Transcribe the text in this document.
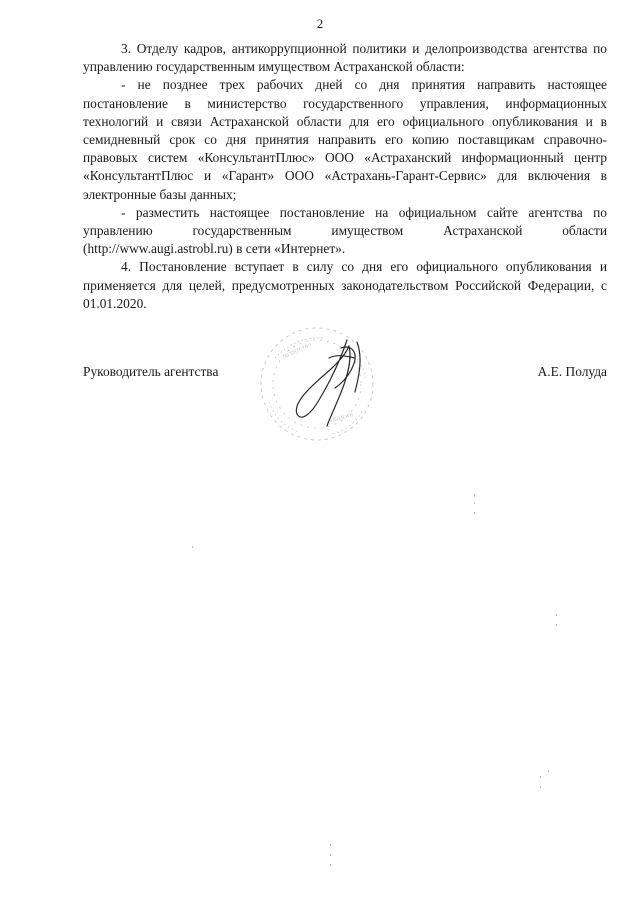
2

3. Отделу кадров, антикоррупционной политики и делопроизводства агентства по управлению государственным имуществом Астраханской области:

- не позднее трех рабочих дней со дня принятия направить настоящее постановление в министерство государственного управления, информационных технологий и связи Астраханской области для его официального опубликования и в семидневный срок со дня принятия направить его копию поставщикам справочно-правовых систем «КонсультантПлюс» ООО «Астраханский информационный центр «КонсультантПлюс и «Гарант» ООО «Астрахань-Гарант-Сервис» для включения в электронные базы данных;

- разместить настоящее постановление на официальном сайте агентства по управлению государственным имуществом Астраханской области (http://www.augi.astrobl.ru) в сети «Интернет».

4. Постановление вступает в силу со дня его официального опубликования и применяется для целей, предусмотренных законодательством Российской Федерации, с 01.01.2020.

АГЕНТСТВО
ОБЛАСТИ
Руководитель агентства	А.Е. Полуда
